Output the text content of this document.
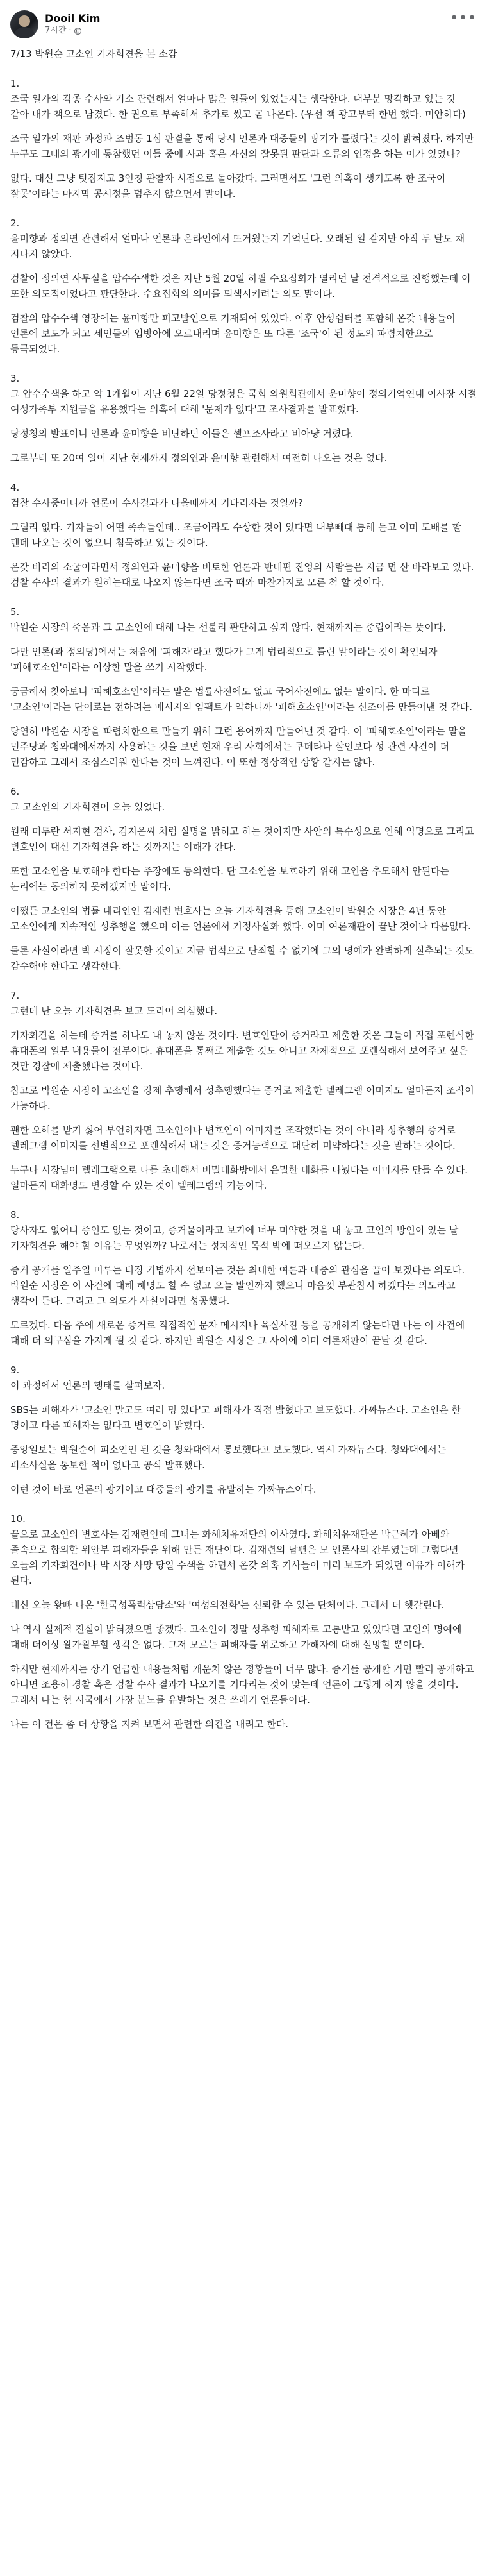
Dooil Kim
7시간 ·
•••
7/13 박원순 고소인 기자회견을 본 소감
1.
조국 일가의 각종 수사와 기소 관련해서 얼마나 많은 일들이 있었는지는 생략한다. 대부분 망각하고 있는 것 같아 내가 책으로 남겼다. 한 권으로 부족해서 추가로 썼고 곧 나온다. (우선 책 광고부터 한번 했다. 미안하다)
조국 일가의 재판 과정과 조범동 1심 판결을 통해 당시 언론과 대중들의 광기가 틀렸다는 것이 밝혀졌다. 하지만 누구도 그때의 광기에 동참했던 이들 중에 사과 혹은 자신의 잘못된 판단과 오류의 인정을 하는 이가 있었나?
없다. 대신 그냥 팃짐지고 3인칭 관찰자 시점으로 돌아갔다. 그러면서도 '그런 의혹이 생기도록 한 조국이 잘못'이라는 마지막 공시정을 멈추지 않으면서 말이다.
2.
윤미향과 정의연 관련해서 얼마나 언론과 온라인에서 뜨거웠는지 기억난다. 오래된 일 같지만 아직 두 달도 채 지나지 않았다.
검찰이 정의연 사무실을 압수수색한 것은 지난 5월 20일 하필 수요집회가 열리던 날 전격적으로 진행했는데 이 또한 의도적이었다고 판단한다. 수요집회의 의미를 퇴색시키려는 의도 말이다.
검찰의 압수수색 영장에는 윤미향만 피고발인으로 기재되어 있었다. 이후 안성쉼터를 포함해 온갖 내용들이 언론에 보도가 되고 세인들의 입방아에 오르내리며 윤미향은 또 다른 '조국'이 된 정도의 파렴치한으로 등극되었다.
3.
그 압수수색을 하고 약 1개월이 지난 6월 22일 당정청은 국회 의원회관에서 윤미향이 정의기억연대 이사장 시절 여성가족부 지원금을 유용했다는 의혹에 대해 '문제가 없다'고 조사결과를 발표했다.
당정청의 발표이니 언론과 윤미향을 비난하던 이들은 셀프조사라고 비아냥 거렸다.
그로부터 또 20여 일이 지난 현재까지 정의연과 윤미향 관련해서 여전히 나오는 것은 없다.
4.
검찰 수사중이니까 언론이 수사결과가 나올때까지 기다리자는 것일까?
그럴리 없다. 기자들이 어떤 족속들인데.. 조금이라도 수상한 것이 있다면 내부빼대 통해 듣고 이미 도배를 할 텐데 나오는 것이 없으니 침묵하고 있는 것이다.
온갖 비리의 소굴이라면서 정의연과 윤미향을 비토한 언론과 반대편 진영의 사람들은 지금 먼 산 바라보고 있다. 검찰 수사의 결과가 원하는대로 나오지 않는다면 조국 때와 마찬가지로 모른 척 할 것이다.
5.
박원순 시장의 죽음과 그 고소인에 대해 나는 선불리 판단하고 싶지 않다. 현재까지는 중립이라는 뜻이다.
다만 언론(과 정의당)에서는 처음에 '피해자'라고 했다가 그게 법리적으로 틀린 말이라는 것이 확인되자 '피해호소인'이라는 이상한 말을 쓰기 시작했다.
궁금해서 찾아보니 '피해호소인'이라는 말은 법률사전에도 없고 국어사전에도 없는 말이다. 한 마디로 '고소인'이라는 단어로는 전하려는 메시지의 임팩트가 약하니까 '피해호소인'이라는 신조어를 만들어낸 것 같다.
당연히 박원순 시장을 파렴치한으로 만들기 위해 그런 용어까지 만들어낸 것 같다. 이 '피해호소인'이라는 말을 민주당과 청와대에서까지 사용하는 것을 보면 현재 우리 사회에서는 쿠데타나 살인보다 성 관련 사건이 더 민감하고 그래서 조심스러워 한다는 것이 느껴진다. 이 또한 정상적인 상황 같지는 않다.
6.
그 고소인의 기자회견이 오늘 있었다.
원래 미투란 서지현 검사, 김지은씨 처럼 실명을 밝히고 하는 것이지만 사안의 특수성으로 인해 익명으로 그리고 변호인이 대신 기자회견을 하는 것까지는 이해가 간다.
또한 고소인을 보호해야 한다는 주장에도 동의한다. 단 고소인을 보호하기 위해 고인을 추모해서 안된다는 논리에는 동의하지 못하겠지만 말이다.
어쨌든 고소인의 법률 대리인인 김재련 변호사는 오늘 기자회견을 통해 고소인이 박원순 시장은 4년 동안 고소인에게 지속적인 성추행을 했으며 이는 언론에서 기정사실화 했다. 이미 여론재판이 끝난 것이나 다름없다.
물론 사실이라면 박 시장이 잘못한 것이고 지금 법적으로 단죄할 수 없기에 그의 명예가 완벽하게 실추되는 것도 감수해야 한다고 생각한다.
7.
그런데 난 오늘 기자회견을 보고 도리어 의심했다.
기자회견을 하는데 증거를 하나도 내 놓지 않은 것이다. 변호인단이 증거라고 제출한 것은 그들이 직접 포렌식한 휴대폰의 일부 내용물이 전부이다. 휴대폰을 통째로 제출한 것도 아니고 자체적으로 포렌식해서 보여주고 싶은 것만 경찰에 제출했다는 것이다.
참고로 박원순 시장이 고소인을 강제 추행해서 성추행했다는 증거로 제출한 텔레그램 이미지도 얼마든지 조작이 가능하다.
괜한 오해를 받기 싫어 부언하자면 고소인이나 변호인이 이미지를 조작했다는 것이 아니라 성추행의 증거로 텔레그램 이미지를 선별적으로 포렌식해서 내는 것은 증거능력으로 대단히 미약하다는 것을 말하는 것이다.
누구나 시장님이 텔레그램으로 나를 초대해서 비밀대화방에서 은밀한 대화를 나눴다는 이미지를 만들 수 있다. 얼마든지 대화명도 변경할 수 있는 것이 텔레그램의 기능이다.
8.
당사자도 없어니 증인도 없는 것이고, 증거물이라고 보기에 너무 미약한 것을 내 놓고 고인의 방인이 있는 날 기자회견을 해야 할 이유는 무엇일까? 나로서는 정치적인 목적 밖에 떠오르지 않는다.
증거 공개를 일주일 미루는 티징 기법까지 선보이는 것은 최대한 여론과 대중의 관심을 끌어 보겠다는 의도다. 박원순 시장은 이 사건에 대해 해명도 할 수 없고 오늘 발인까지 했으니 마음껏 부관참시 하겠다는 의도라고 생각이 든다. 그리고 그 의도가 사실이라면 성공했다.
모르겠다. 다음 주에 새로운 증거로 직접적인 문자 메시지나 육실사진 등을 공개하지 않는다면 나는 이 사건에 대해 더 의구심을 가지게 될 것 같다. 하지만 박원순 시장은 그 사이에 이미 여론재판이 끝날 것 같다.
9.
이 과정에서 언론의 행태를 살펴보자.
SBS는 피해자가 '고소인 말고도 여러 명 있다'고 피해자가 직접 밝혔다고 보도했다. 가짜뉴스다. 고소인은 한 명이고 다른 피해자는 없다고 변호인이 밝혔다.
중앙일보는 박원순이 피소인인 된 것을 청와대에서 통보했다고 보도했다. 역시 가짜뉴스다. 청와대에서는 피소사실을 통보한 적이 없다고 공식 발표했다.
이런 것이 바로 언론의 광기이고 대중들의 광기를 유발하는 가짜뉴스이다.
10.
끝으로 고소인의 변호사는 김재련인데 그녀는 화해치유재단의 이사였다. 화해치유재단은 박근혜가 아베와 졸속으로 합의한 위안부 피해자들을 위해 만든 재단이다. 김재련의 남편은 모 언론사의 간부였는데 그렇다면 오늘의 기자회견이나 박 시장 사망 당일 수색을 하면서 온갖 의혹 기사들이 미리 보도가 되었던 이유가 이해가 된다.
대신 오늘 왕빠 나온 '한국성폭력상담소'와 '여성의전화'는 신뢰할 수 있는 단체이다. 그래서 더 헷갈린다.
나 역시 실제적 진실이 밝혀졌으면 좋겠다. 고소인이 정말 성추행 피해자로 고통받고 있었다면 고인의 명예에 대해 더이상 왈가왈부할 생각은 없다. 그저 모르는 피해자를 위로하고 가해자에 대해 실망할 뿐이다.
하지만 현재까지는 상기 언급한 내용들처럼 개운치 않은 정황들이 너무 많다. 증거를 공개할 거면 빨리 공개하고 아니면 조용히 경찰 혹은 검찰 수사 결과가 나오기를 기다리는 것이 맞는데 언론이 그렇게 하지 않을 것이다. 그래서 나는 현 시국에서 가장 분노를 유발하는 것은 쓰레기 언론들이다.
나는 이 건은 좀 더 상황을 지켜 보면서 관련한 의견을 내려고 한다.
